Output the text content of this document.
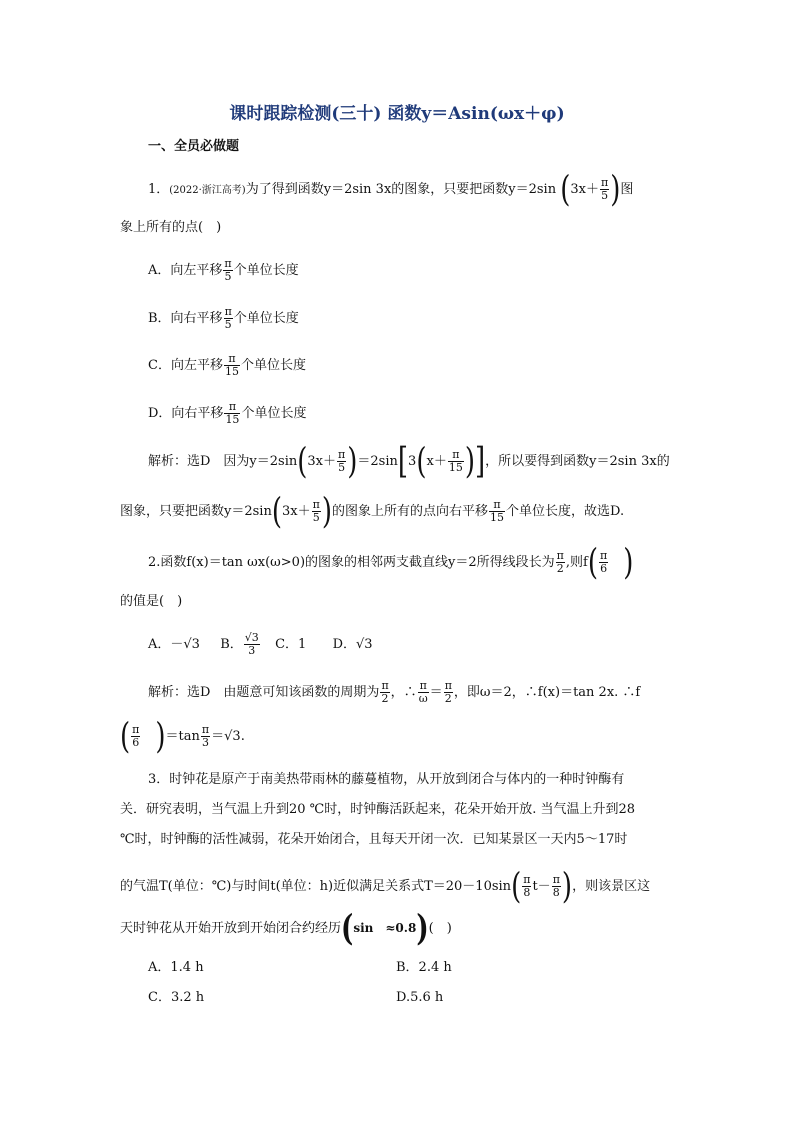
课时跟踪检测(三十) 函数y＝Asin(ωx＋φ)
一、全员必做题
1．(2022·浙江高考)为了得到函数y＝2sin 3x的图象，只要把函数y＝2sin ($3x+ \frac{\pi}{5}$ )图
象上所有的点(　)
A．向左平移 $\frac{\pi}{5}$ 个单位长度
B．向右平移 $\frac{\pi}{5}$ 个单位长度
C．向左平移 $\frac{\pi}{15}$ 个单位长度
D．向右平移 $\frac{\pi}{15}$ 个单位长度
解析：选D　因为$y=2\sin(3x+ \frac{\pi}{5} )=2\sin[3(x+ \frac{\pi}{15}$ )]，所以要得到函数y＝2sin 3x的
图象，只要把函数$y=2\sin(3x+ \frac{\pi}{5}$ )的图象上所有的点向右平移 $\frac{\pi}{15}$ 个单位长度，故选D.
2.函数f(x)＝tan ωx(ω>0)的图象的相邻两支截直线y＝2所得线段长为 $\frac{\pi}{2}$ ,则$f( \frac{\pi}{6}$ )
的值是(　)
A．－√3 B． $\frac{√3}{3}$ C．1 D．√3
解析：选D　由题意可知该函数的周期为 $\frac{\pi}{2}$ ，∴ $\frac{\pi}{\omega} = \frac{\pi}{2}$ ，即ω＝2，∴f(x)＝tan 2x. ∴f
( $\frac{\pi}{6} )=\tan \frac{\pi}{3} =√3$.
3．时钟花是原产于南美热带雨林的藤蔓植物，从开放到闭合与体内的一种时钟酶有
关．研究表明，当气温上升到20 ℃时，时钟酶活跃起来，花朵开始开放. 当气温上升到28
℃时，时钟酶的活性减弱，花朵开始闭合，且每天开闭一次．已知某景区一天内5～17时
的气温T(单位：℃)与时间t(单位：h)近似满足关系式$T=20-10\sin( \frac{\pi}{8} t- \frac{\pi}{8}$ )，则该景区这
天时钟花从开始开放到开始闭合约经历(sin　≈0.8)(　)
A．1.4 h	B．2.4 h
C．3.2 h	D.5.6 h
